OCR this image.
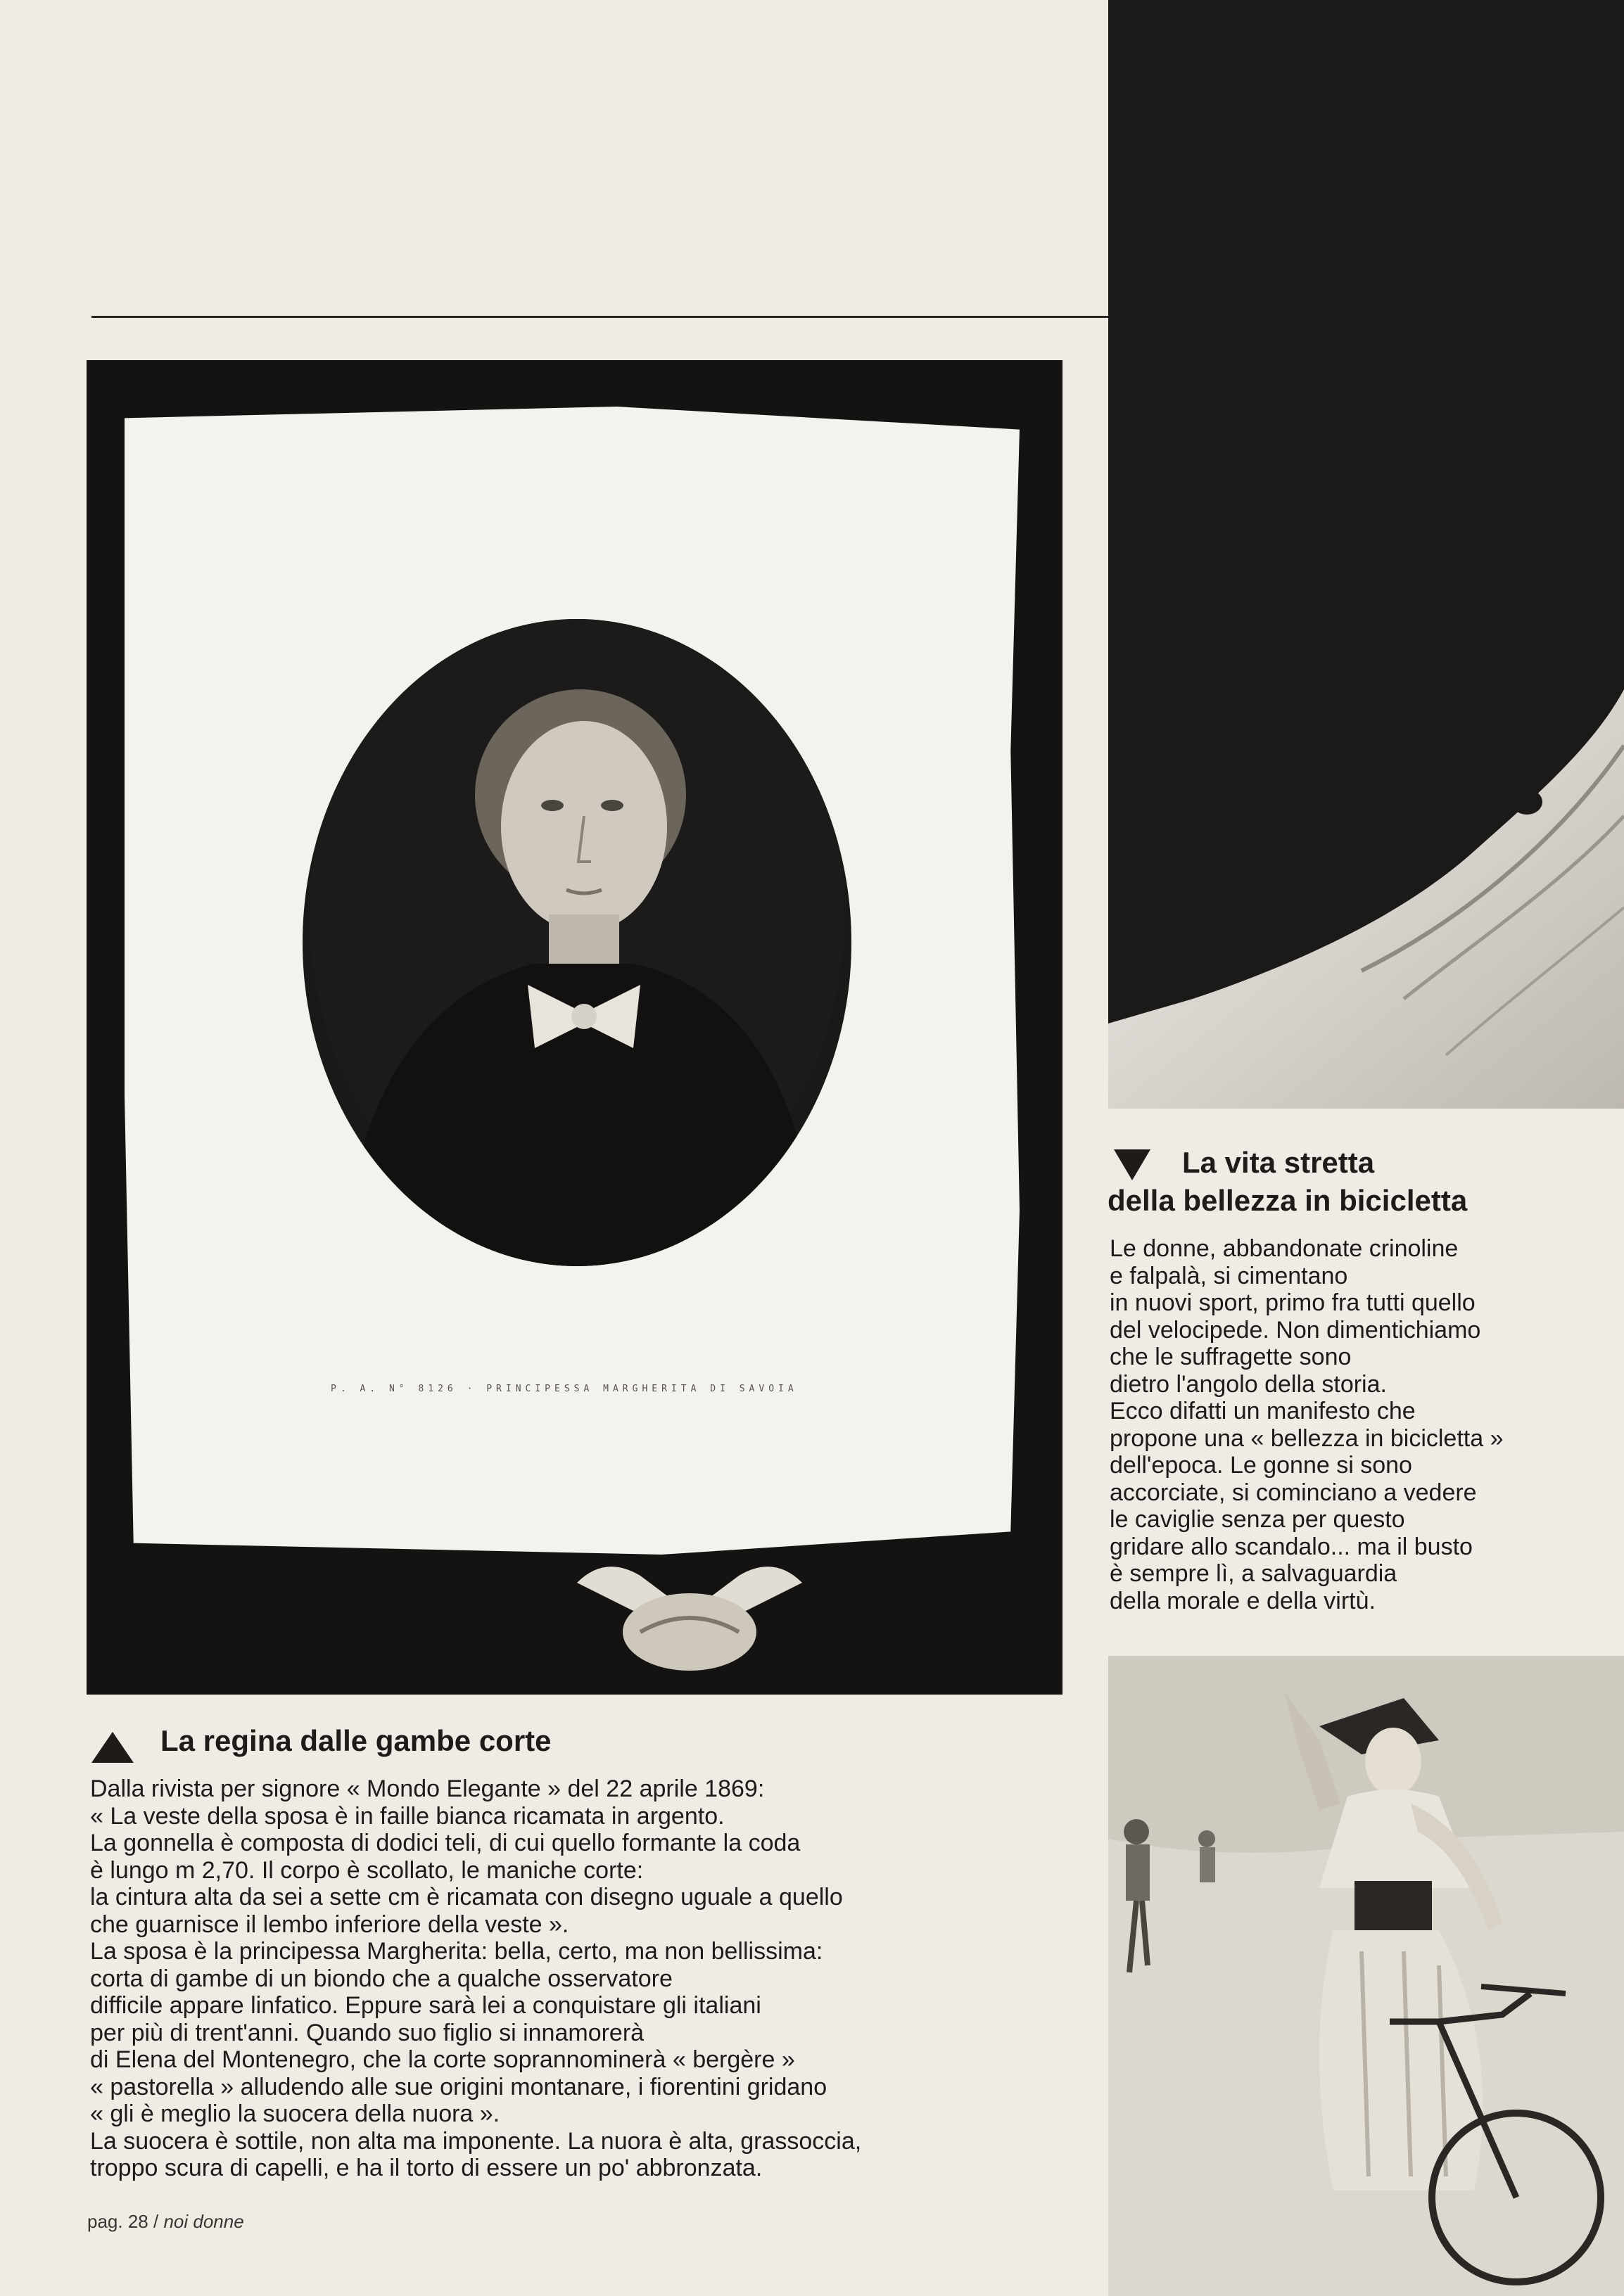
P. A. N° 8126 · PRINCIPESSA MARGHERITA DI SAVOIA
La regina dalle gambe corte
Dalla rivista per signore « Mondo Elegante » del 22 aprile 1869:
« La veste della sposa è in faille bianca ricamata in argento.
La gonnella è composta di dodici teli, di cui quello formante la coda
è lungo m 2,70. Il corpo è scollato, le maniche corte:
la cintura alta da sei a sette cm è ricamata con disegno uguale a quello
che guarnisce il lembo inferiore della veste ».
La sposa è la principessa Margherita: bella, certo, ma non bellissima:
corta di gambe di un biondo che a qualche osservatore
difficile appare linfatico. Eppure sarà lei a conquistare gli italiani
per più di trent'anni. Quando suo figlio si innamorerà
di Elena del Montenegro, che la corte soprannominerà « bergère »
« pastorella » alludendo alle sue origini montanare, i fiorentini gridano
« gli è meglio la suocera della nuora ».
La suocera è sottile, non alta ma imponente. La nuora è alta, grassoccia,
troppo scura di capelli, e ha il torto di essere un po' abbronzata.
La vita stretta
della bellezza in bicicletta
Le donne, abbandonate crinoline
e falpalà, si cimentano
in nuovi sport, primo fra tutti quello
del velocipede. Non dimentichiamo
che le suffragette sono
dietro l'angolo della storia.
Ecco difatti un manifesto che
propone una « bellezza in bicicletta »
dell'epoca. Le gonne si sono
accorciate, si cominciano a vedere
le caviglie senza per questo
gridare allo scandalo... ma il busto
è sempre lì, a salvaguardia
della morale e della virtù.
pag. 28 / noi donne
